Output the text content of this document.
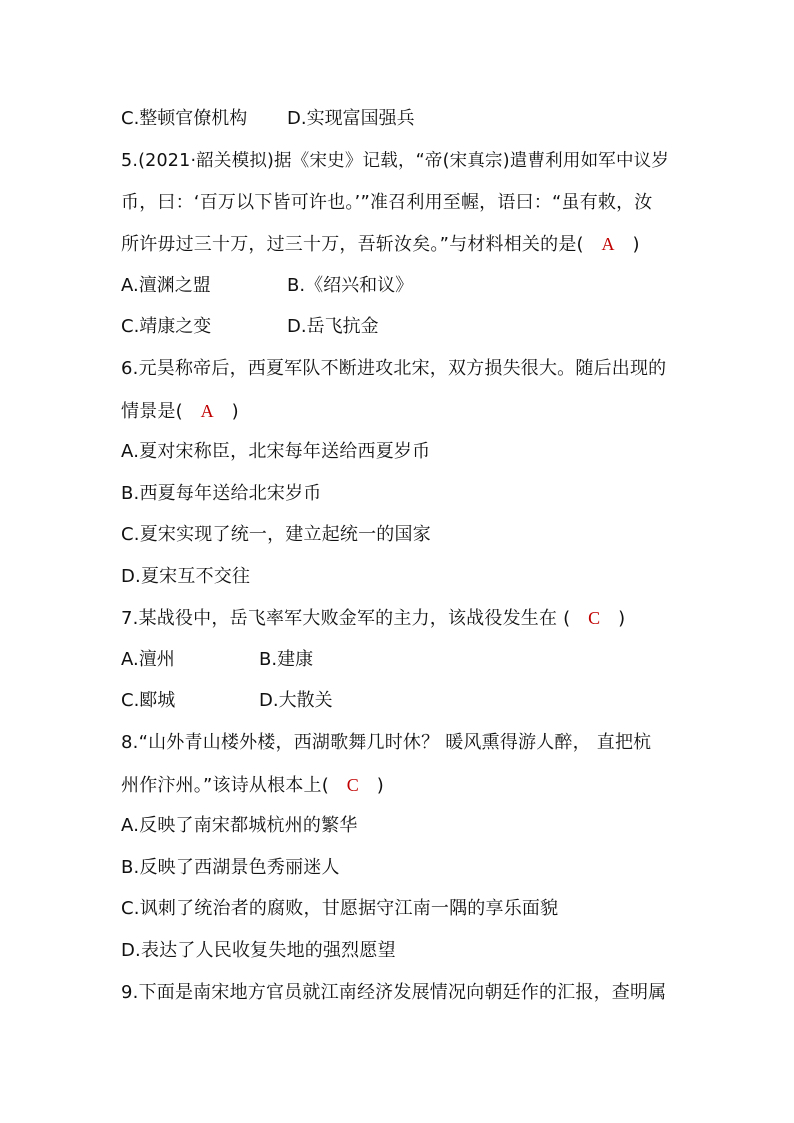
C.整顿官僚机构 D.实现富国强兵
5.(2021·韶关模拟)据《宋史》记载，“帝(宋真宗)遣曹利用如军中议岁
币，曰：‘百万以下皆可许也。’”准召利用至幄，语曰：“虽有敕，汝
所许毋过三十万，过三十万，吾斩汝矣。”与材料相关的是( A )
A.澶渊之盟	B.《绍兴和议》
C.靖康之变	D.岳飞抗金
6.元昊称帝后，西夏军队不断进攻北宋，双方损失很大。随后出现的
情景是( A )
A.夏对宋称臣，北宋每年送给西夏岁币
B.西夏每年送给北宋岁币
C.夏宋实现了统一，建立起统一的国家
D.夏宋互不交往
7.某战役中，岳飞率军大败金军的主力，该战役发生在 ( C )
A.澶州	B.建康
C.郾城	D.大散关
8.“山外青山楼外楼，西湖歌舞几时休？ 暖风熏得游人醉， 直把杭
州作汴州。”该诗从根本上( C )
A.反映了南宋都城杭州的繁华
B.反映了西湖景色秀丽迷人
C.讽刺了统治者的腐败，甘愿据守江南一隅的享乐面貌
D.表达了人民收复失地的强烈愿望
9.下面是南宋地方官员就江南经济发展情况向朝廷作的汇报，查明属
